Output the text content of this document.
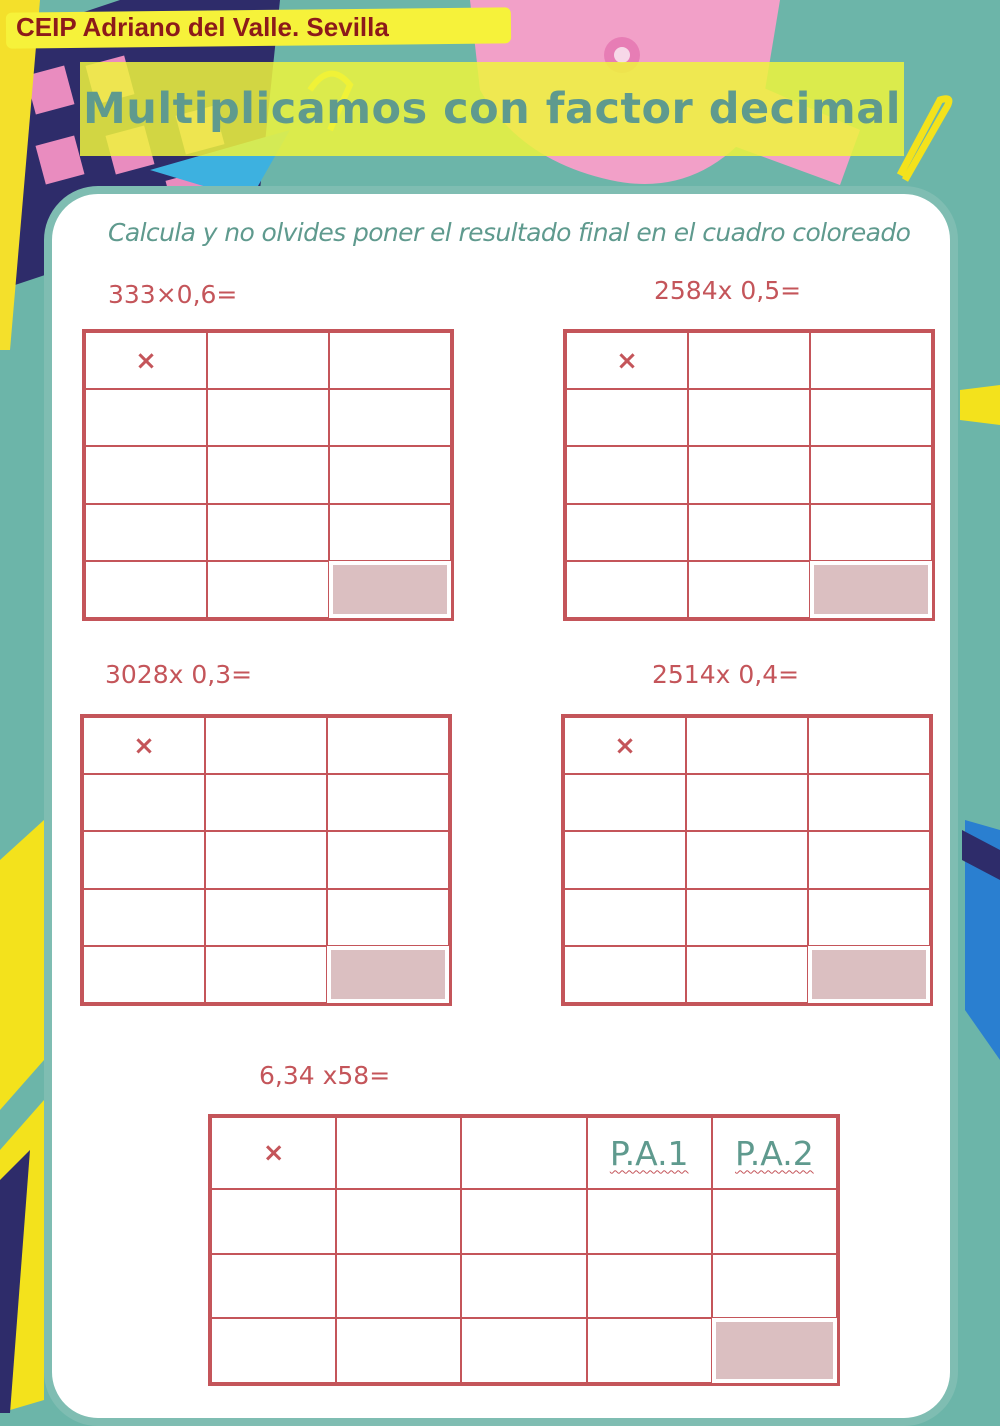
CEIP Adriano del Valle. Sevilla
Multiplicamos con factor decimal
Calcula y no olvides poner el resultado final en el cuadro coloreado
333×0,6=
×
2584x 0,5=
×
3028x 0,3=
×
2514x 0,4=
×
6,34 x58=
×	P.A.1 P.A.2
